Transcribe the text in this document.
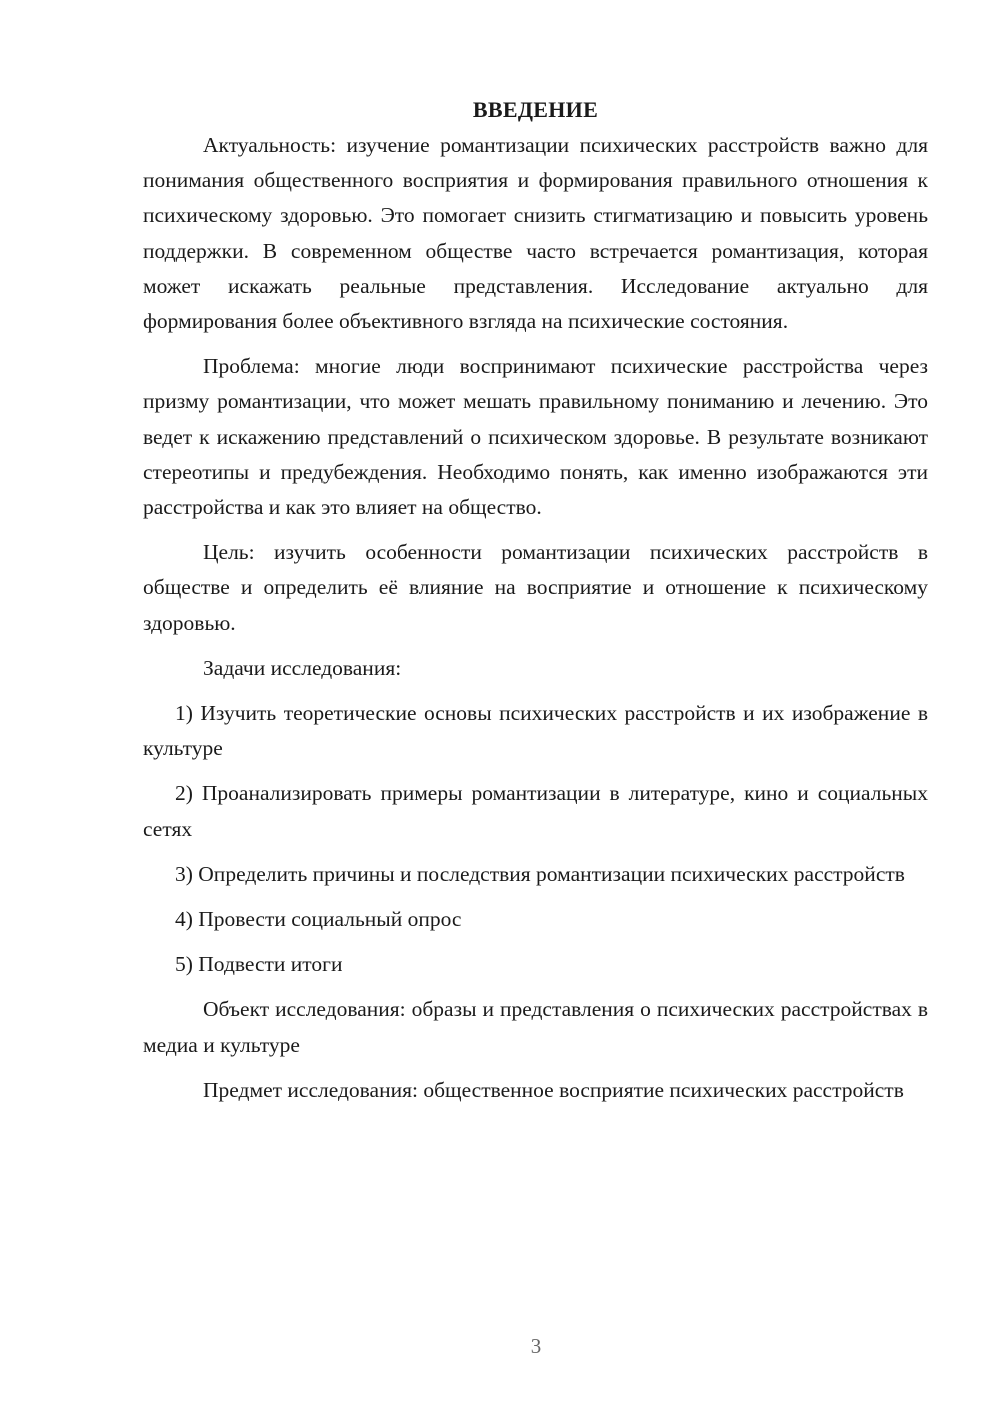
ВВЕДЕНИЕ

Актуальность: изучение романтизации психических расстройств важно для понимания общественного восприятия и формирования правильного отношения к психическому здоровью. Это помогает снизить стигматизацию и повысить уровень поддержки. В современном обществе часто встречается романтизация, которая может искажать реальные представления. Исследование актуально для формирования более объективного взгляда на психические состояния.

Проблема: многие люди воспринимают психические расстройства через призму романтизации, что может мешать правильному пониманию и лечению. Это ведет к искажению представлений о психическом здоровье. В результате возникают стереотипы и предубеждения. Необходимо понять, как именно изображаются эти расстройства и как это влияет на общество.

Цель: изучить особенности романтизации психических расстройств в обществе и определить её влияние на восприятие и отношение к психическому здоровью.

Задачи исследования:

1) Изучить теоретические основы психических расстройств и их изображение в культуре

2) Проанализировать примеры романтизации в литературе, кино и социальных сетях

3) Определить причины и последствия романтизации психических расстройств

4) Провести социальный опрос

5) Подвести итоги

Объект исследования: образы и представления о психических расстройствах в медиа и культуре

Предмет исследования: общественное восприятие психических расстройств

3
